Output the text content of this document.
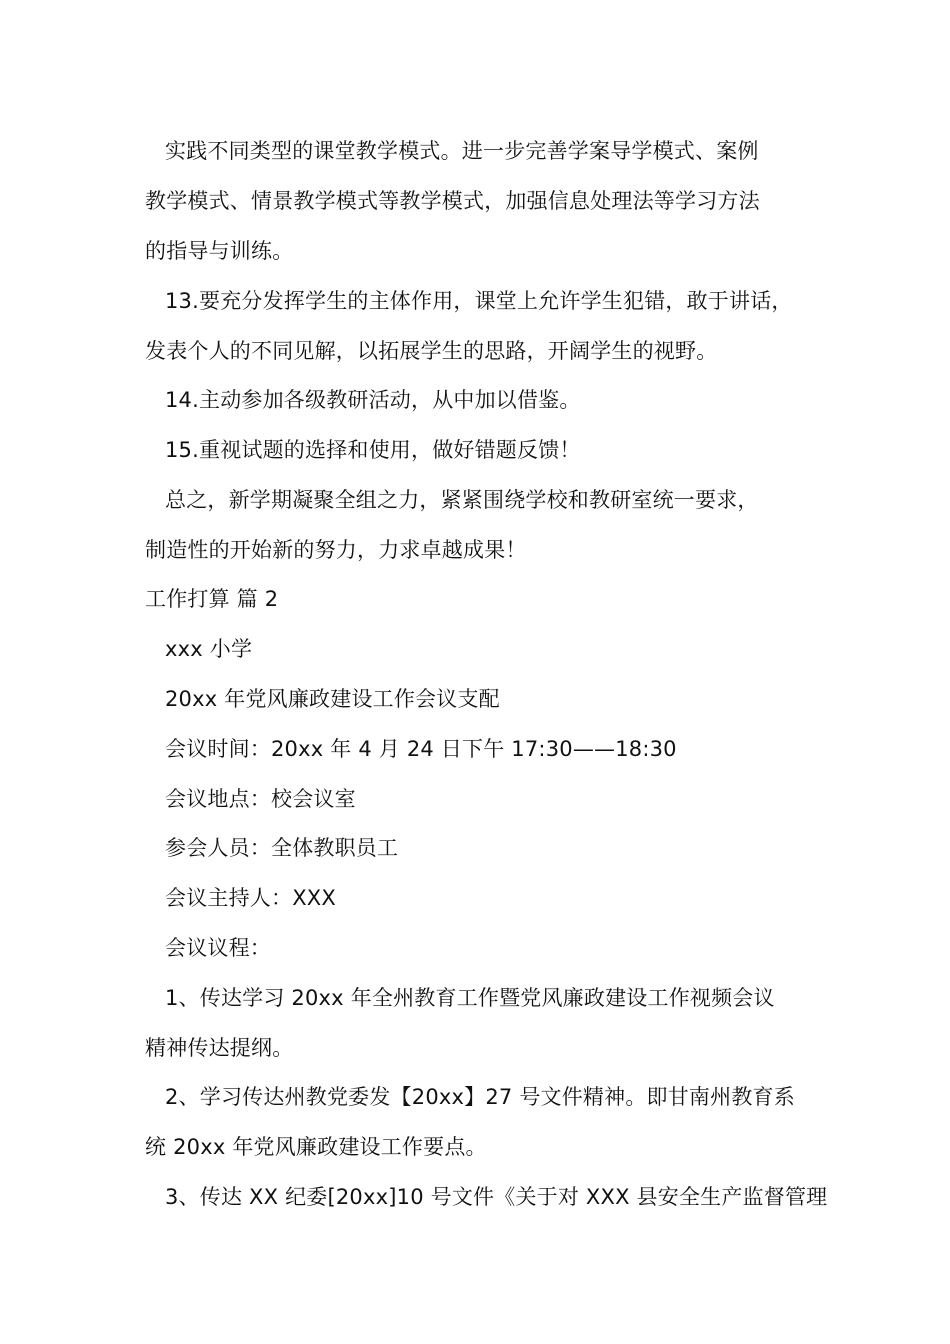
实践不同类型的课堂教学模式。进一步完善学案导学模式、案例
教学模式、情景教学模式等教学模式，加强信息处理法等学习方法
的指导与训练。
13.要充分发挥学生的主体作用，课堂上允许学生犯错，敢于讲话，
发表个人的不同见解，以拓展学生的思路，开阔学生的视野。
14.主动参加各级教研活动，从中加以借鉴。
15.重视试题的选择和使用，做好错题反馈！
总之，新学期凝聚全组之力，紧紧围绕学校和教研室统一要求，
制造性的开始新的努力，力求卓越成果！
工作打算 篇 2
xxx 小学
20xx 年党风廉政建设工作会议支配
会议时间：20xx 年 4 月 24 日下午 17:30——18:30
会议地点：校会议室
参会人员：全体教职员工
会议主持人：XXX
会议议程：
1、传达学习 20xx 年全州教育工作暨党风廉政建设工作视频会议
精神传达提纲。
2、学习传达州教党委发【20xx】27 号文件精神。即甘南州教育系
统 20xx 年党风廉政建设工作要点。
3、传达 XX 纪委[20xx]10 号文件《关于对 XXX 县安全生产监督管理
